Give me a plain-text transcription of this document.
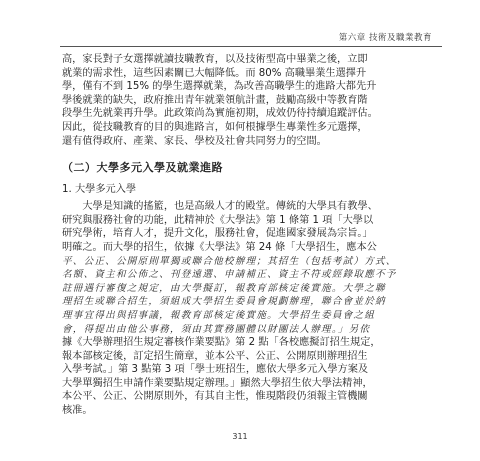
第六章 技術及職業教育
高，家長對子女選擇就讀技職教育，以及技術型高中畢業之後，立即
就業的需求性，這些因素關已大幅降低。而 80% 高職畢業生選擇升
學，僅有不到 15% 的學生選擇就業，為改善高職學生的進路大都先升
學後就業的缺失，政府推出青年就業領航計畫，鼓勵高級中等教育階
段學生先就業再升學。此政策尚為實施初期，成效仍待持續追蹤評估。
因此，從技職教育的目的與進路言，如何根據學生專業性多元選擇，
還有值得政府、產業、家長、學校及社會共同努力的空間。
（二）大學多元入學及就業進路
1. 大學多元入學
　　大學是知識的搖籃，也是高級人才的殿堂。傳統的大學具有教學、
研究與服務社會的功能，此精神於《大學法》第 1 條第 1 項「大學以
研究學術，培育人才，提升文化，服務社會，促進國家發展為宗旨。」
明確之。而大學的招生，依據《大學法》第 24 條「大學招生，應本公
平、公正、公開原則單獨或聯合他校辦理；其招生（包括考試）方式、
名額、資主和公佈之、刊登遠選、申請補正、資主不符或經錄取應不予
註冊遇行審復之規定，由大學擬訂，報教育部核定後實施。大學之聯
理招生或聯合招生，須組成大學招生委員會規劃辦理，聯合會並於納
理事宜得出與招事議，報教育部核定後實施。大學招生委員會之組
會，得提出由他公事務，須由其實務團體以財團法人辦理。」另依
據《大學辦理招生規定審核作業要點》第 2 點「各校應擬訂招生規定，
報本部核定後，訂定招生簡章，並本公平、公正、公開原則辦理招生
入學考試。」第 3 點第 3 項「學士班招生，應依大學多元入學方案及
大學單獨招生申請作業要點規定辦理。」顯然大學招生依大學法精神，
本公平、公正、公開原則外，有其自主性，惟現階段仍須報主管機關
核准。
311
